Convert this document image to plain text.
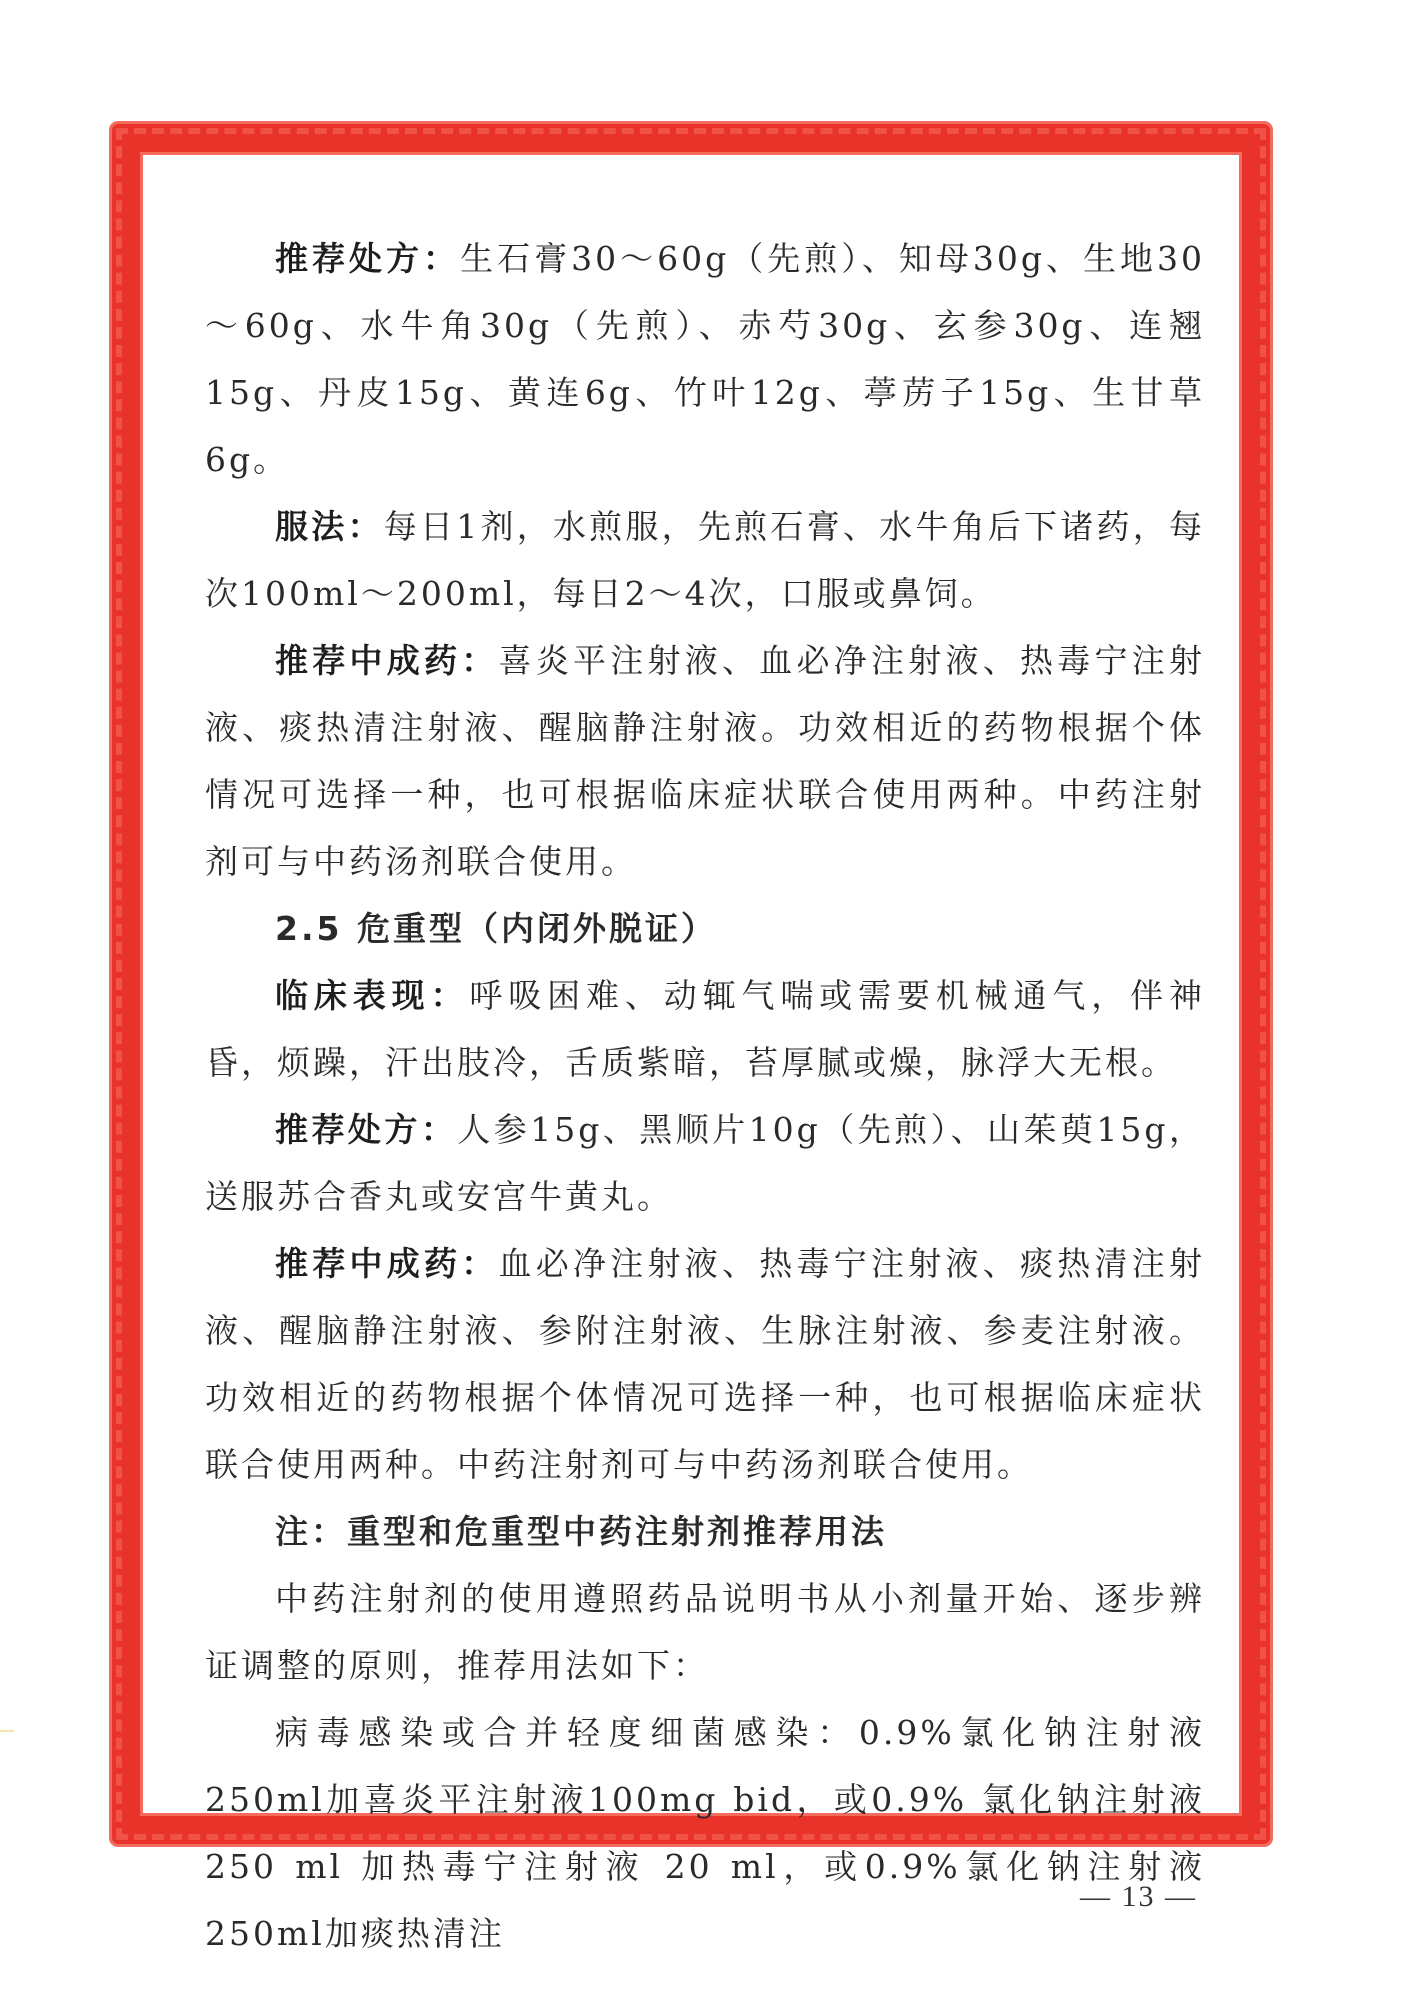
推荐处方：生石膏30～60g（先煎）、知母30g、生地30～60g、水牛角30g（先煎）、赤芍30g、玄参30g、连翘15g、丹皮15g、黄连6g、竹叶12g、葶苈子15g、生甘草6g。

服法：每日1剂，水煎服，先煎石膏、水牛角后下诸药，每次100ml～200ml，每日2～4次，口服或鼻饲。

推荐中成药：喜炎平注射液、血必净注射液、热毒宁注射液、痰热清注射液、醒脑静注射液。功效相近的药物根据个体情况可选择一种，也可根据临床症状联合使用两种。中药注射剂可与中药汤剂联合使用。

2.5 危重型（内闭外脱证）

临床表现：呼吸困难、动辄气喘或需要机械通气，伴神昏，烦躁，汗出肢冷，舌质紫暗，苔厚腻或燥，脉浮大无根。

推荐处方：人参15g、黑顺片10g（先煎）、山茱萸15g，送服苏合香丸或安宫牛黄丸。

推荐中成药：血必净注射液、热毒宁注射液、痰热清注射液、醒脑静注射液、参附注射液、生脉注射液、参麦注射液。功效相近的药物根据个体情况可选择一种，也可根据临床症状联合使用两种。中药注射剂可与中药汤剂联合使用。

注：重型和危重型中药注射剂推荐用法

中药注射剂的使用遵照药品说明书从小剂量开始、逐步辨证调整的原则，推荐用法如下：

病毒感染或合并轻度细菌感染：0.9%氯化钠注射液250ml加喜炎平注射液100mg bid，或0.9% 氯化钠注射液 250 ml 加热毒宁注射液 20 ml，或0.9%氯化钠注射液250ml加痰热清注

— 13 —
